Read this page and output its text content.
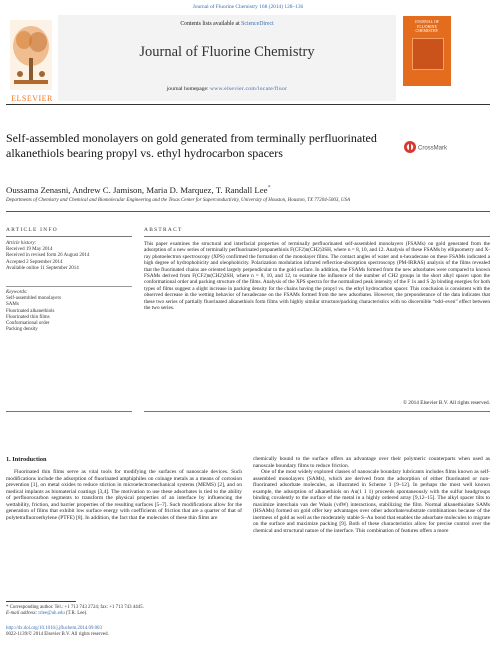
Journal of Fluorine Chemistry 168 (2014) 128–136
ELSEVIER
Contents lists available at ScienceDirect
Journal of Fluorine Chemistry
journal homepage: www.elsevier.com/locate/fluor
JOURNAL OF FLUORINE CHEMISTRY
Self-assembled monolayers on gold generated from terminally perfluorinated alkanethiols bearing propyl vs. ethyl hydrocarbon spacers	CrossMark
Oussama Zenasni, Andrew C. Jamison, Maria D. Marquez, T. Randall Lee*
Departments of Chemistry and Chemical and Biomolecular Engineering and the Texas Center for Superconductivity, University of Houston, Houston, TX 77204-5003, USA
ARTICLE INFO	ABSTRACT
Article history:
Received 19 May 2014
Received in revised form 26 August 2014
Accepted 2 September 2014
Available online 11 September 2014
Keywords:
Self-assembled monolayers
SAMs
Fluorinated alkanethiols
Fluorinated thin films
Conformational order
Packing density
This paper examines the structural and interfacial properties of terminally perfluorinated self-assembled monolayers (FSAMs) on gold generated from the adsorption of a new series of terminally perfluorinated propanethiols F(CF2)n(CH2)3SH, where n = 8, 10, and 12. Analysis of these FSAMs by ellipsometry and X-ray photoelectron spectroscopy (XPS) confirmed the formation of the monolayer films. The contact angles of water and n-hexadecane on these FSAMs indicated a high degree of hydrophobicity and oleophobicity. Polarization modulation infrared reflection-absorption spectroscopy (PM-IRRAS) analysis of the films revealed that the fluorinated chains are oriented largely perpendicular to the gold surface. In addition, the FSAMs formed from the new adsorbates were compared to known FSAMs derived from F(CF2)n(CH2)2SH, where n = 8, 10, and 12, to examine the influence of the number of CH2 groups in the short alkyl spacer upon the conformational order and packing structure of the films. Analysis of the XPS spectra for the normalized peak intensity of the F 1s and S 2p binding energies for both types of films suggest a slight increase in packing density for the chains having the propyl vs. the ethyl hydrocarbon spacer. This conclusion is consistent with the observed decrease in the wetting behavior of hexadecane on the FSAMs formed from the new adsorbates. However, the preponderance of the data indicates that these two series of partially fluorinated alkanethiols form films with highly similar structure/packing characteristics with no discernible “odd–even” effect between the two series.
© 2014 Elsevier B.V. All rights reserved.
1. Introduction

Fluorinated thin films serve as vital tools for modifying the surfaces of nanoscale devices. Such modifications include the adsorption of fluorinated amphiphiles on coinage metals as a means of corrosion prevention [1], on metal oxides to reduce stiction in microelectromechanical systems (MEMS) [2], and on medical implants as biomaterial coatings [3,4]. The motivation to use these adsorbates is tied to the ability of perfluorocarbon segments to transform the physical properties of an interface by influencing the wettability, friction, and barrier properties of the resulting surfaces [5–7]. Such modifications allow for the generation of films that exhibit low surface energy with coefficients of friction that are a quarter of that of polytetrafluoroethylene (PTFE) [8]. In addition, the fact that the molecules of these thin films are

chemically bound to the surface offers an advantage over their polymeric counterparts when used as nanoscale boundary films to reduce friction.

One of the most widely explored classes of nanoscale boundary lubricants includes films known as self-assembled monolayers (SAMs), which are derived from the adsorption of either fluorinated or non-fluorinated adsorbate molecules, as illustrated in Scheme 1 [9–12]. In perhaps the most well known example, the adsorption of alkanethiols on Au(1 1 1) proceeds spontaneously with the sulfur headgroups binding covalently to the surface of the metal in a highly ordered array [9,12–15]. The alkyl spacer tilts to maximize interchain van der Waals (vdW) interactions, stabilizing the film. Normal alkanethiolate SAMs (HSAMs) formed on gold offer key advantages over other adsorbate/substrate combinations because of the inertness of gold as well as the moderately stable S–Au bond that enables the adsorbate molecules to migrate on the surface and maximize packing [9]. Both of these characteristics allow for precise control over the chemical and structural nature of the interface. This combination of features offers a more

* Corresponding author. Tel.: +1 713 743 2724; fax: +1 713 743 4445.
E-mail address: trlee@uh.edu (T.R. Lee).
http://dx.doi.org/10.1016/j.jfluchem.2014.09.003
0022-1139/© 2014 Elsevier B.V. All rights reserved.
